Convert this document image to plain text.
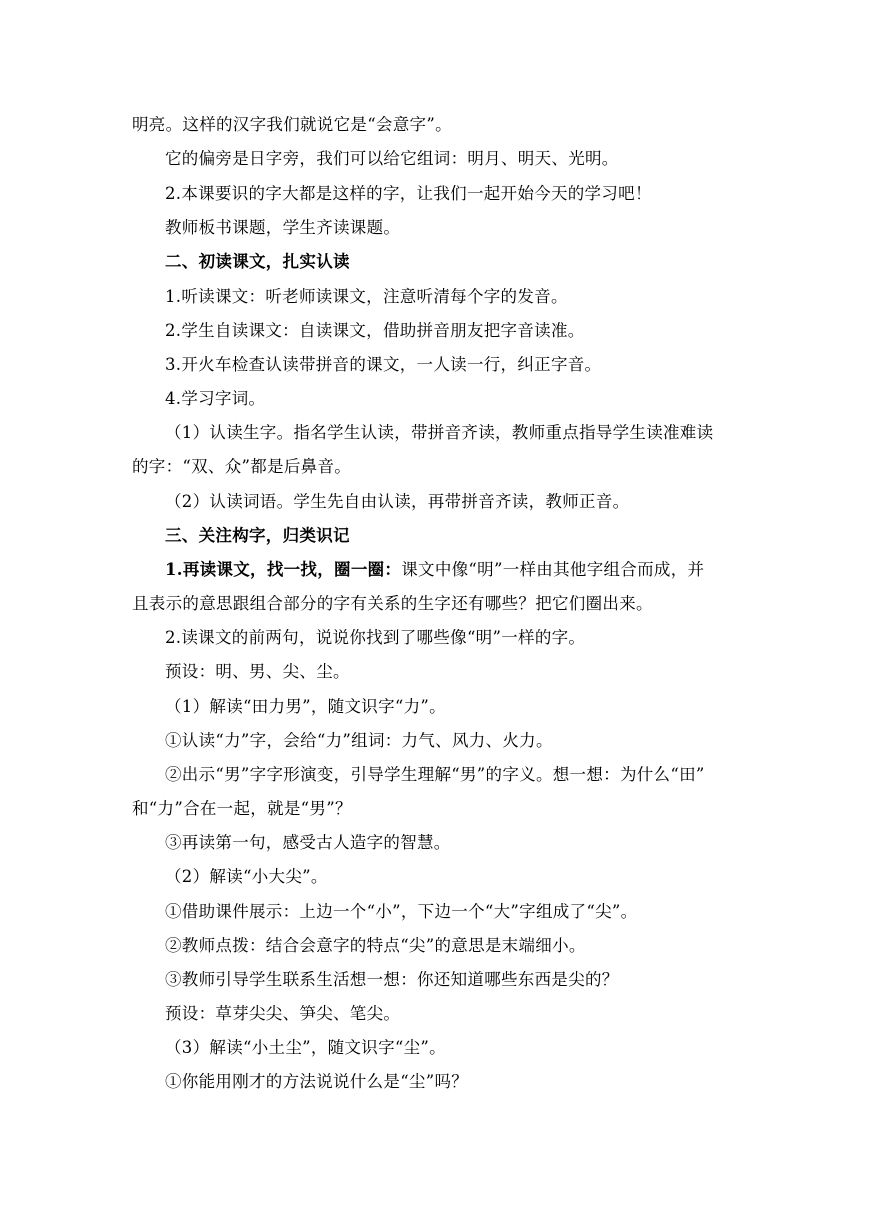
明亮。这样的汉字我们就说它是“会意字”。
它的偏旁是日字旁，我们可以给它组词：明月、明天、光明。
2.本课要识的字大都是这样的字，让我们一起开始今天的学习吧！
教师板书课题，学生齐读课题。
二、初读课文，扎实认读
1.听读课文：听老师读课文，注意听清每个字的发音。
2.学生自读课文：自读课文，借助拼音朋友把字音读准。
3.开火车检查认读带拼音的课文，一人读一行，纠正字音。
4.学习字词。
（1）认读生字。指名学生认读，带拼音齐读，教师重点指导学生读准难读
的字：“双、众”都是后鼻音。
（2）认读词语。学生先自由认读，再带拼音齐读，教师正音。
三、关注构字，归类识记
1.再读课文，找一找，圈一圈：课文中像“明”一样由其他字组合而成，并
且表示的意思跟组合部分的字有关系的生字还有哪些？把它们圈出来。
2.读课文的前两句，说说你找到了哪些像“明”一样的字。
预设：明、男、尖、尘。
（1）解读“田力男”，随文识字“力”。
①认读“力”字，会给“力”组词：力气、风力、火力。
②出示“男”字字形演变，引导学生理解“男”的字义。想一想：为什么“田”
和“力”合在一起，就是“男”？
③再读第一句，感受古人造字的智慧。
（2）解读“小大尖”。
①借助课件展示：上边一个“小”，下边一个“大”字组成了“尖”。
②教师点拨：结合会意字的特点“尖”的意思是末端细小。
③教师引导学生联系生活想一想：你还知道哪些东西是尖的？
预设：草芽尖尖、笋尖、笔尖。
（3）解读“小土尘”，随文识字“尘”。
①你能用刚才的方法说说什么是“尘”吗？
